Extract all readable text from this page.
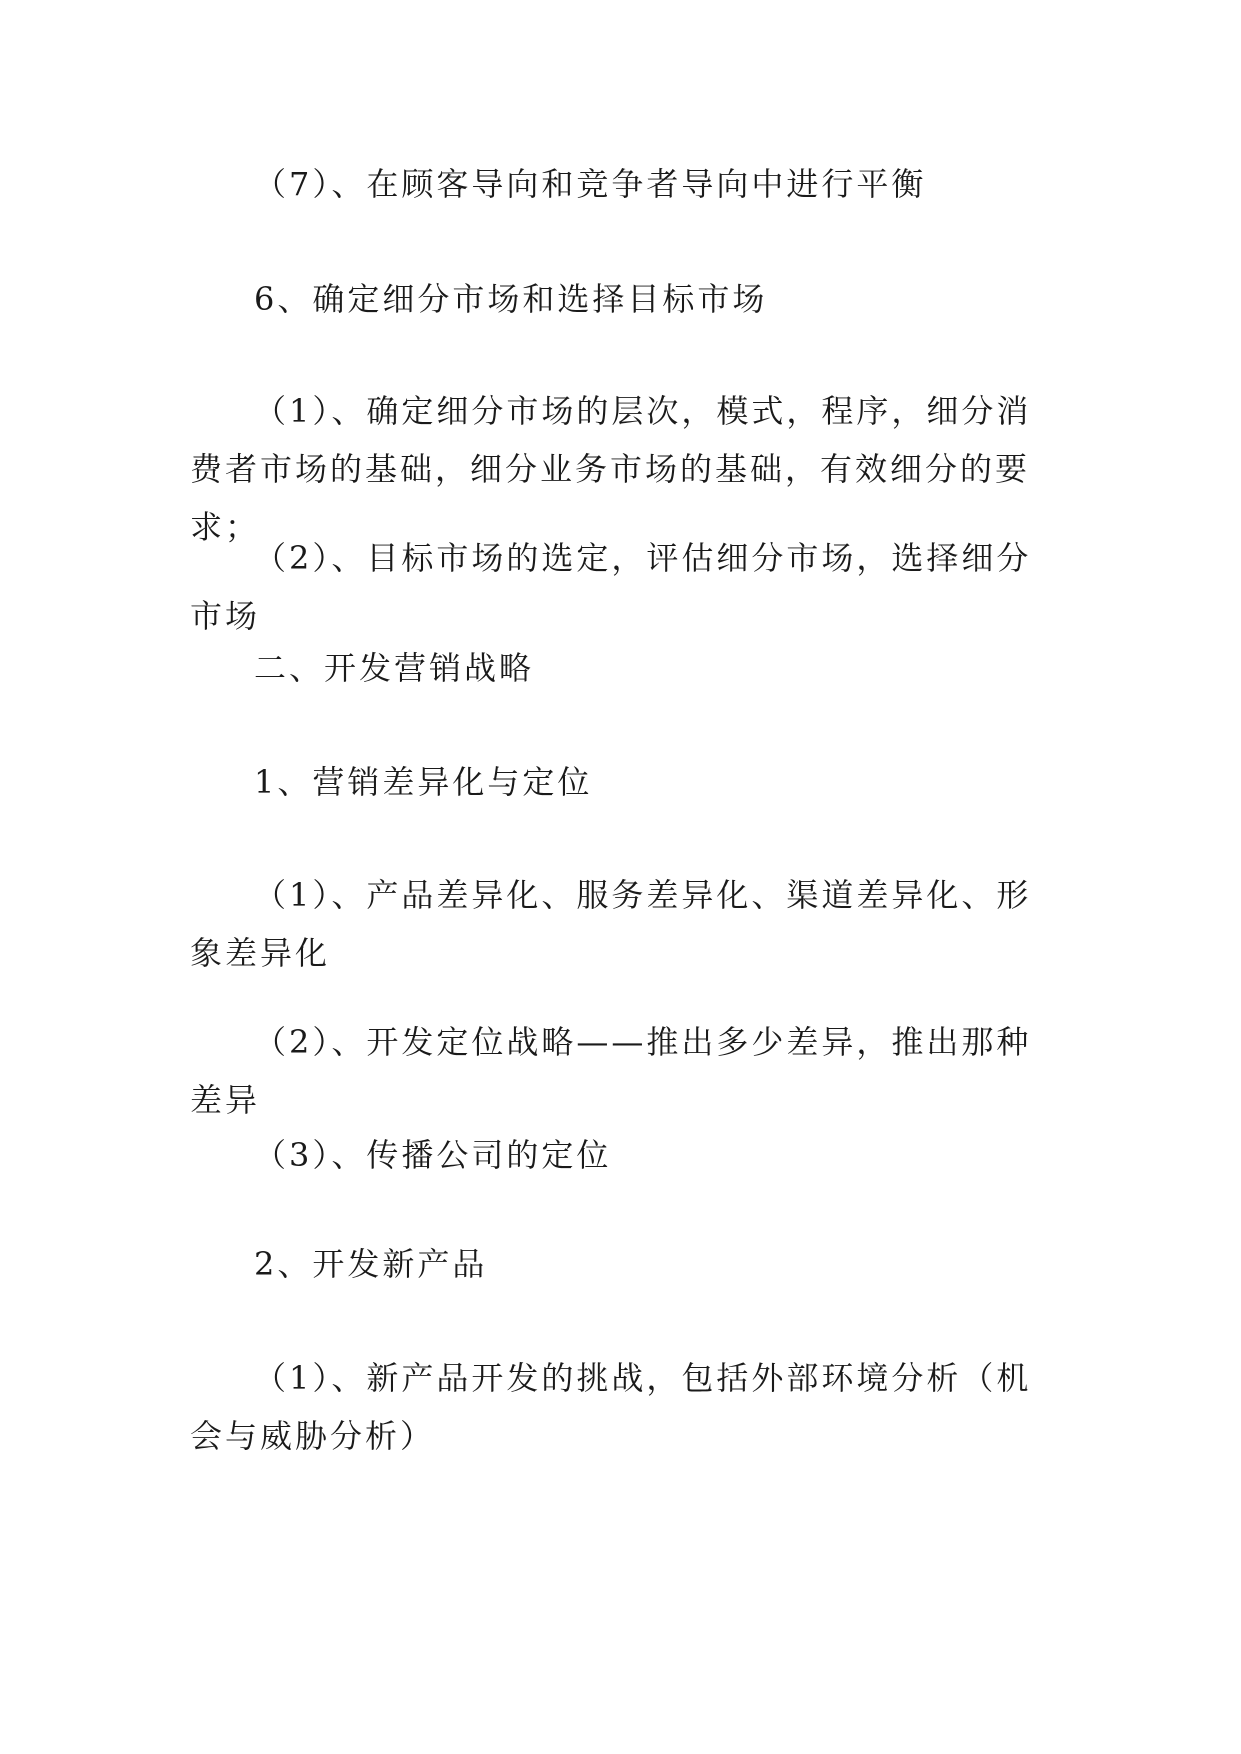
（7）、在顾客导向和竞争者导向中进行平衡

6、确定细分市场和选择目标市场

（1）、确定细分市场的层次，模式，程序，细分消费者市场的基础，细分业务市场的基础，有效细分的要求；

（2）、目标市场的选定，评估细分市场，选择细分市场

二、开发营销战略

1、营销差异化与定位

（1）、产品差异化、服务差异化、渠道差异化、形象差异化

（2）、开发定位战略——推出多少差异，推出那种差异

（3）、传播公司的定位

2、开发新产品

（1）、新产品开发的挑战，包括外部环境分析（机会与威胁分析）
